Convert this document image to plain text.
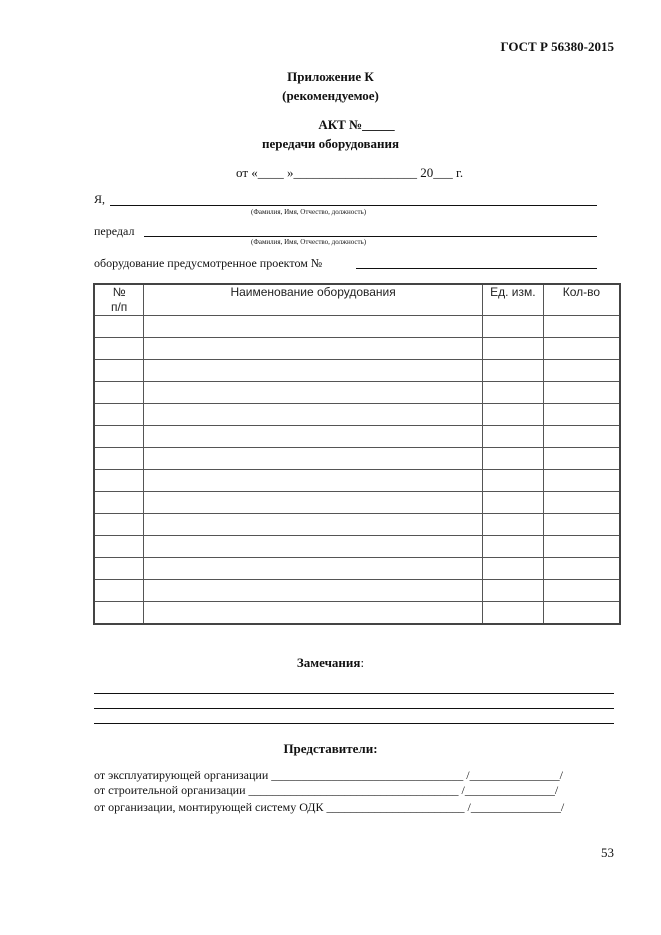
ГОСТ Р 56380-2015
Приложение К
(рекомендуемое)
АКТ №_____
передачи оборудования
от «____ »___________________ 20___ г.
Я,
(Фамилия, Имя, Отчество, должность)
передал
(Фамилия, Имя, Отчество, должность)
оборудование предусмотренное проектом №
№
п/п	Наименование оборудования	Ед. изм.	Кол-во

Замечания:
Представители:
от эксплуатирующей организации ________________________________ /_______________/
от строительной организации ___________________________________ /_______________/
от организации, монтирующей систему ОДК _______________________ /_______________/
53
